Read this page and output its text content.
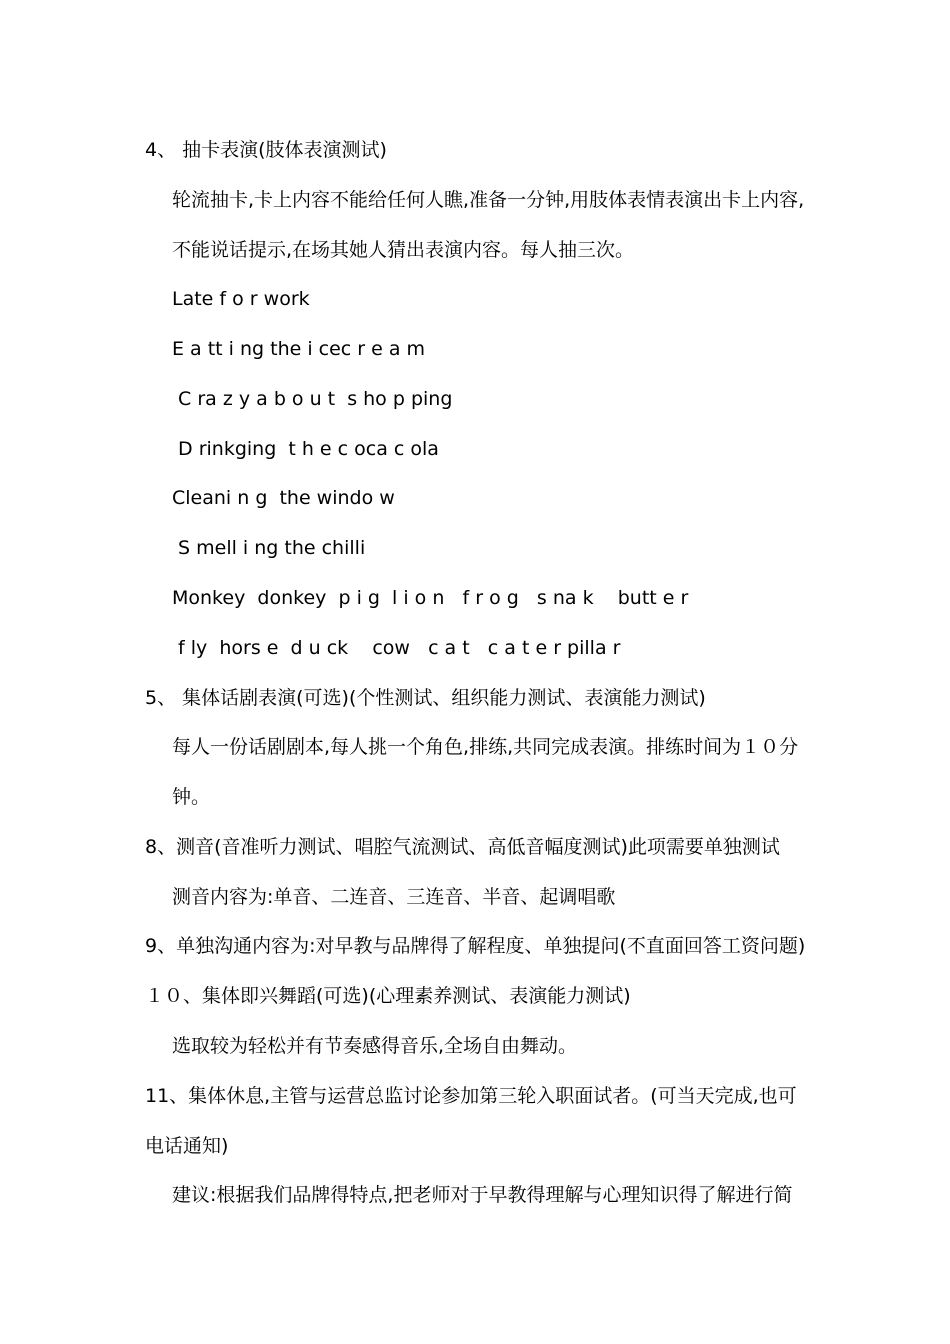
4、 抽卡表演(肢体表演测试)
轮流抽卡,卡上内容不能给任何人瞧,准备一分钟,用肢体表情表演出卡上内容,
不能说话提示,在场其她人猜出表演内容。每人抽三次。
Late f o r work
E a tt i ng the i cec r e a m
C ra z y a b o u t  s ho p ping
D rinkging  t h e c oca c ola
Cleani n g  the windo w
S mell i ng the chilli
Monkey  donkey  p i g  l i o n   f r o g   s na k    butt e r
f ly  hors e  d u ck    cow   c a t   c a t e r pilla r
5、 集体话剧表演(可选)(个性测试、组织能力测试、表演能力测试)
每人一份话剧剧本,每人挑一个角色,排练,共同完成表演。排练时间为１０分
钟。
8、测音(音准听力测试、唱腔气流测试、高低音幅度测试)此项需要单独测试
测音内容为:单音、二连音、三连音、半音、起调唱歌
9、单独沟通内容为:对早教与品牌得了解程度、单独提问(不直面回答工资问题)
１０、集体即兴舞蹈(可选)(心理素养测试、表演能力测试)
选取较为轻松并有节奏感得音乐,全场自由舞动。
11、集体休息,主管与运营总监讨论参加第三轮入职面试者。(可当天完成,也可
电话通知)
建议:根据我们品牌得特点,把老师对于早教得理解与心理知识得了解进行简
